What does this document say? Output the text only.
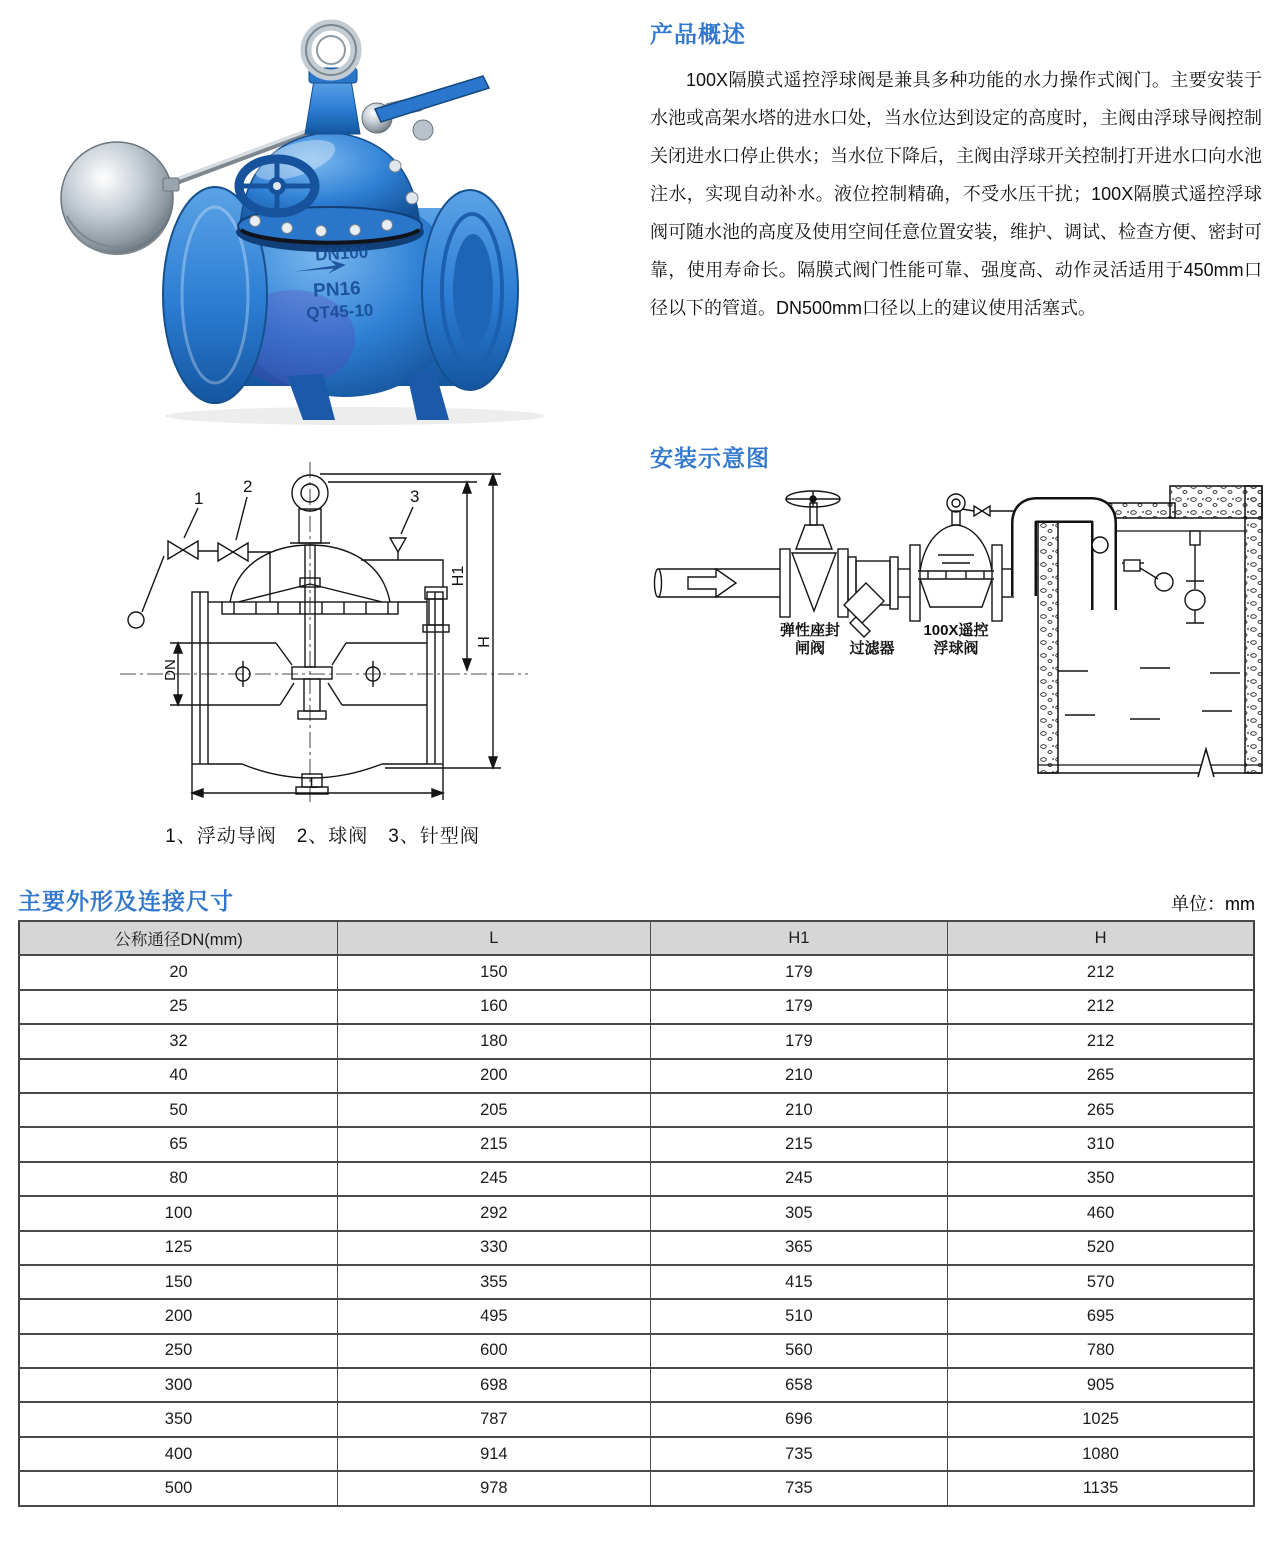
DN100
PN16
QT45-10
产品概述

100X隔膜式遥控浮球阀是兼具多种功能的水力操作式阀门。主要安装于水池或高架水塔的进水口处，当水位达到设定的高度时，主阀由浮球导阀控制关闭进水口停止供水；当水位下降后，主阀由浮球开关控制打开进水口向水池注水，实现自动补水。液位控制精确，不受水压干扰；100X隔膜式遥控浮球阀可随水池的高度及使用空间任意位置安装，维护、调试、检查方便、密封可靠，使用寿命长。隔膜式阀门性能可靠、强度高、动作灵活适用于450mm口径以下的管道。DN500mm口径以上的建议使用活塞式。

1
2
3
DN
H1
H
L
1、浮动导阀　2、球阀　3、针型阀
安装示意图
弹性座封
闸阀 过滤器
100X遥控
浮球阀
主要外形及连接尺寸	单位：mm
公称通径DN(mm)	L	H1	H
20	150	179	212
25	160	179	212
32	180	179	212
40	200	210	265
50	205	210	265
65	215	215	310
80	245	245	350
100	292	305	460
125	330	365	520
150	355	415	570
200	495	510	695
250	600	560	780
300	698	658	905
350	787	696	1025
400	914	735	1080
500	978	735	1135
